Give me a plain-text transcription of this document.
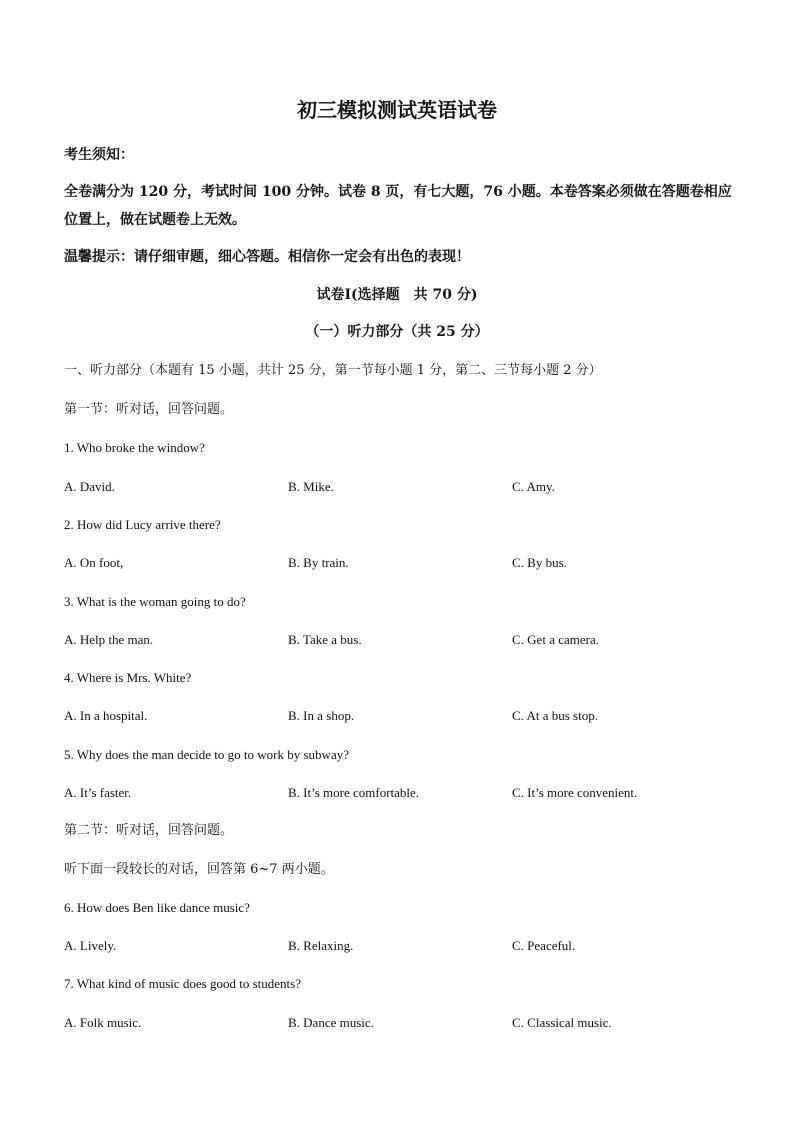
初三模拟测试英语试卷
考生须知：
全卷满分为 120 分，考试时间 100 分钟。试卷 8 页，有七大题，76 小题。本卷答案必须做在答题卷相应位置上，做在试题卷上无效。
温馨提示：请仔细审题，细心答题。相信你一定会有出色的表现！
试卷Ⅰ(选择题　共 70 分)
（一）听力部分（共 25 分）
一、听力部分（本题有 15 小题，共计 25 分，第一节每小题 1 分，第二、三节每小题 2 分）
第一节：听对话，回答问题。
1. Who broke the window?
A. David.	B. Mike.	C. Amy.
2. How did Lucy arrive there?
A. On foot,	B. By train.	C. By bus.
3. What is the woman going to do?
A. Help the man.	B. Take a bus.	C. Get a camera.
4. Where is Mrs. White?
A. In a hospital.	B. In a shop.	C. At a bus stop.
5. Why does the man decide to go to work by subway?
A. It’s faster.	B. It’s more comfortable.	C. It’s more convenient.
第二节：听对话，回答问题。
听下面一段较长的对话，回答第 6~7 两小题。
6. How does Ben like dance music?
A. Lively.	B. Relaxing.	C. Peaceful.
7. What kind of music does good to students?
A. Folk music.	B. Dance music.	C. Classical music.
